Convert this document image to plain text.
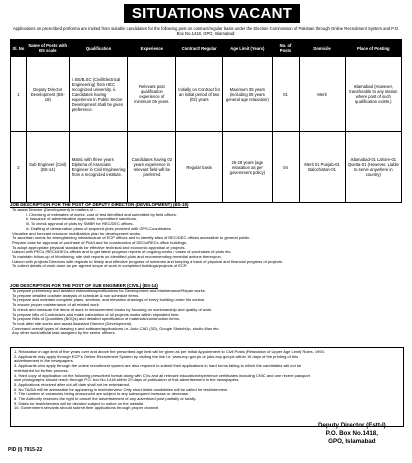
SITUATIONS VACANT
Applications on prescribed proforma are invited from suitable candidates for the following post on contract/regular basis under the Election Commission of Pakistan through Online Recruitment System and P.O. Box No.1418, GPO, Islamabad:
Sl. No	Name of Posts with BS scale	Qualification	Experience	Contract/ Regular	Age Limit (Years)	No. of Posts	Domicile	Place of Posting
1	Deputy Director Development (BS-18)	i. BS/B.SC (Civil/Electrical Engineering) from HEC recognized university. ii. Candidates having experience in Public Sector Development shall be given preference.	Relevant post qualification experience of minimum 05 years.	Initially on Contract for an initial period of two (02) years	Maximum 35 years (including 05 years general age relaxation)	01	Merit	Islamabad (However, transferable to any station where post of such qualification exists.)
2	Sub Engineer (Civil) (BS-14)	Matric with three years Diploma of Associate Engineer in Civil Engineering from a recognized institute.	Candidates having 02 years experience in relevant field will be preferred	Regular basis	25-28 years (age relaxation as per government policy)	04	Merit 01 Punjab-01 Balochistan-01	Islamabad-01 Lahore-01 Quetta-01 (However, Liable to serve anywhere in country)
JOB DESCRIPTION FOR THE POST OF DEPUTY DIRECTOR (DEVELOPMENT) (BS-18)
To assist Director (Development) in matters of :-
i. Checking of estimates of works, cost of test identified and submitted by field offices.
ii. Issuance of administrative approvals, expenditure sanctions.
iii. To check approval of plots by SMBR for REC/DEC offices.
iv. Drafting of demarcation plans of acquired plots provided with GPS-Coordinates.
Visualize and forecast resource mobilization plan for development works.
To ascertain needs for strengthening infrastructure of ECP offices and to identify sites of REC/DEC offices accessible to general public.
Prepare case for approval of purchase of Plot/Land for construction of DECs/RECs office buildings.
To adopt appropriate physical standards for effective technical and economic appraisal of projects.
Liaison with PECs /RECs/DECs offices and to get latest progress reports of ongoing works / cases of purchases of plots etc.
To maintain follow-up of Monitoring, site visit reports on identified plots and recommending remedial actions thereupon.
Liaison with projects Directors with regards to timely and effective progress of schemes and keeping a track of physical and financial progress of projects.
To collect details of work done as per agreed scope of work in completed buildings/projects of ECP.
JOB DESCRIPTION FOR THE POST OF SUB ENGINEER (CIVIL) (BS-14)
To prepare preliminary and detailed estimates/specifications for Development and Maintenance/Repair works.
To prepare detailed costrate analysis of schedule & non schedule items.
To prepare and maintain complete plans, sections, and elevation drawings of every building under his control.
To ensure proper maintenance of all related work.
To check and measure the items of work in measurement books by focusing on workmanship and quality of work.
To prepare bills of Contractors and make calculation of all projects works within stipulated time.
To prepare Bills of Quantities (BOQs) and detailed specification of materials/construction items.
To look after site works and assist Assistant Director (Development).
Command overall types of drawing s and software/applications i.e. Auto CAD (3D), Google SketchUp, studio Max etc.
Any other work/official task assigned by the senior officers.
1. Relaxation in age limit of five years over and above the prescribed age limit will be given as per Initial Appointment to Civil Posts (Relaxation of Upper Age Limit) Rules, 1993.
2. Applicants may apply through ECP's Online Recruitment System by visiting the link i.e. www.ecp.gov.pk or jobs.ecp.gov.pk within 15 days of the printing of this
advertisement in the newspapers.
3. Applicants who apply through the online recruitment system are also required to submit their applications in hard forms failing to which the candidates will not be
entertained for further process.
4. Hard copy of application on the following prescribed format along with CVs and all relevant education/experience certificates including CNIC and one recent passport
size photographs should reach through P.O. box No.1418 within 20 days of publication of this advertisement in the newspapers.
5. Applications received after cut-off date shall not be entertained.
6. No TA/DA will be admissible for appearing in test/interview. Only short-listed candidates will be called for test/interview.
7. The number of vacancies being announced are subject to any subsequent increase or decrease.
8. The Authority reserves the right to cancel the advertisement of any advertised post partially or totally.
9. Dates for test/interview will be decided subject to notice on the website.
10. Government servants should submit their applications through proper channel.
Deputy Director (Estt-I)
P.O. Box No.1418,
GPO, Islamabad
PID (I) 7915-22
